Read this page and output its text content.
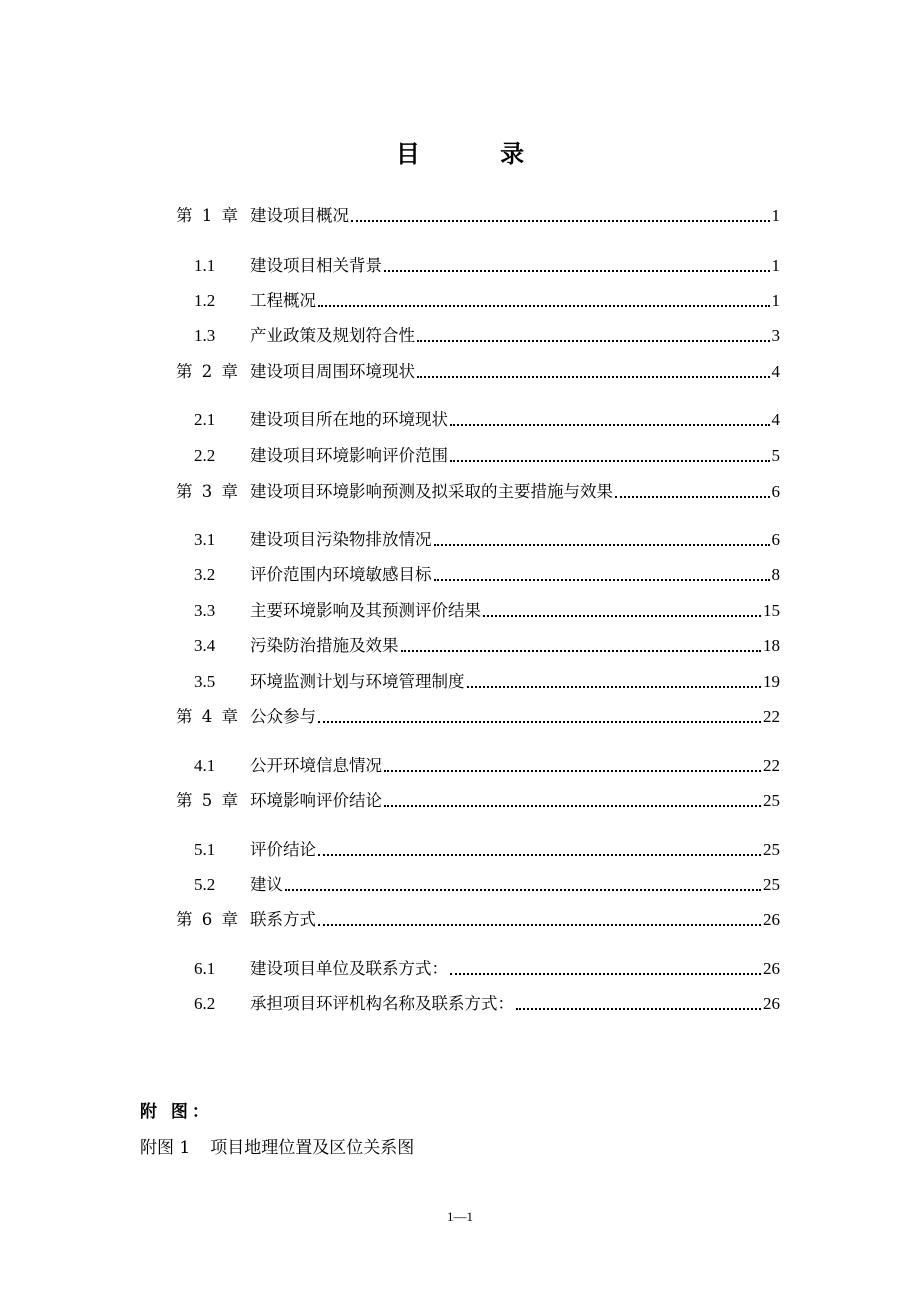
目 录
第 1 章 建设项目概况	1
1.1	建设项目相关背景	1
1.2	工程概况	1
1.3	产业政策及规划符合性	3
第 2 章 建设项目周围环境现状	4
2.1	建设项目所在地的环境现状	4
2.2	建设项目环境影响评价范围	5
第 3 章 建设项目环境影响预测及拟采取的主要措施与效果	6
3.1	建设项目污染物排放情况	6
3.2	评价范围内环境敏感目标	8
3.3	主要环境影响及其预测评价结果	15
3.4	污染防治措施及效果	18
3.5	环境监测计划与环境管理制度	19
第 4 章 公众参与	22
4.1	公开环境信息情况	22
第 5 章 环境影响评价结论	25
5.1	评价结论	25
5.2	建议	25
第 6 章 联系方式	26
6.1	建设项目单位及联系方式：	26
6.2	承担项目环评机构名称及联系方式：	26
附 图：
附图 1 项目地理位置及区位关系图
1—1
